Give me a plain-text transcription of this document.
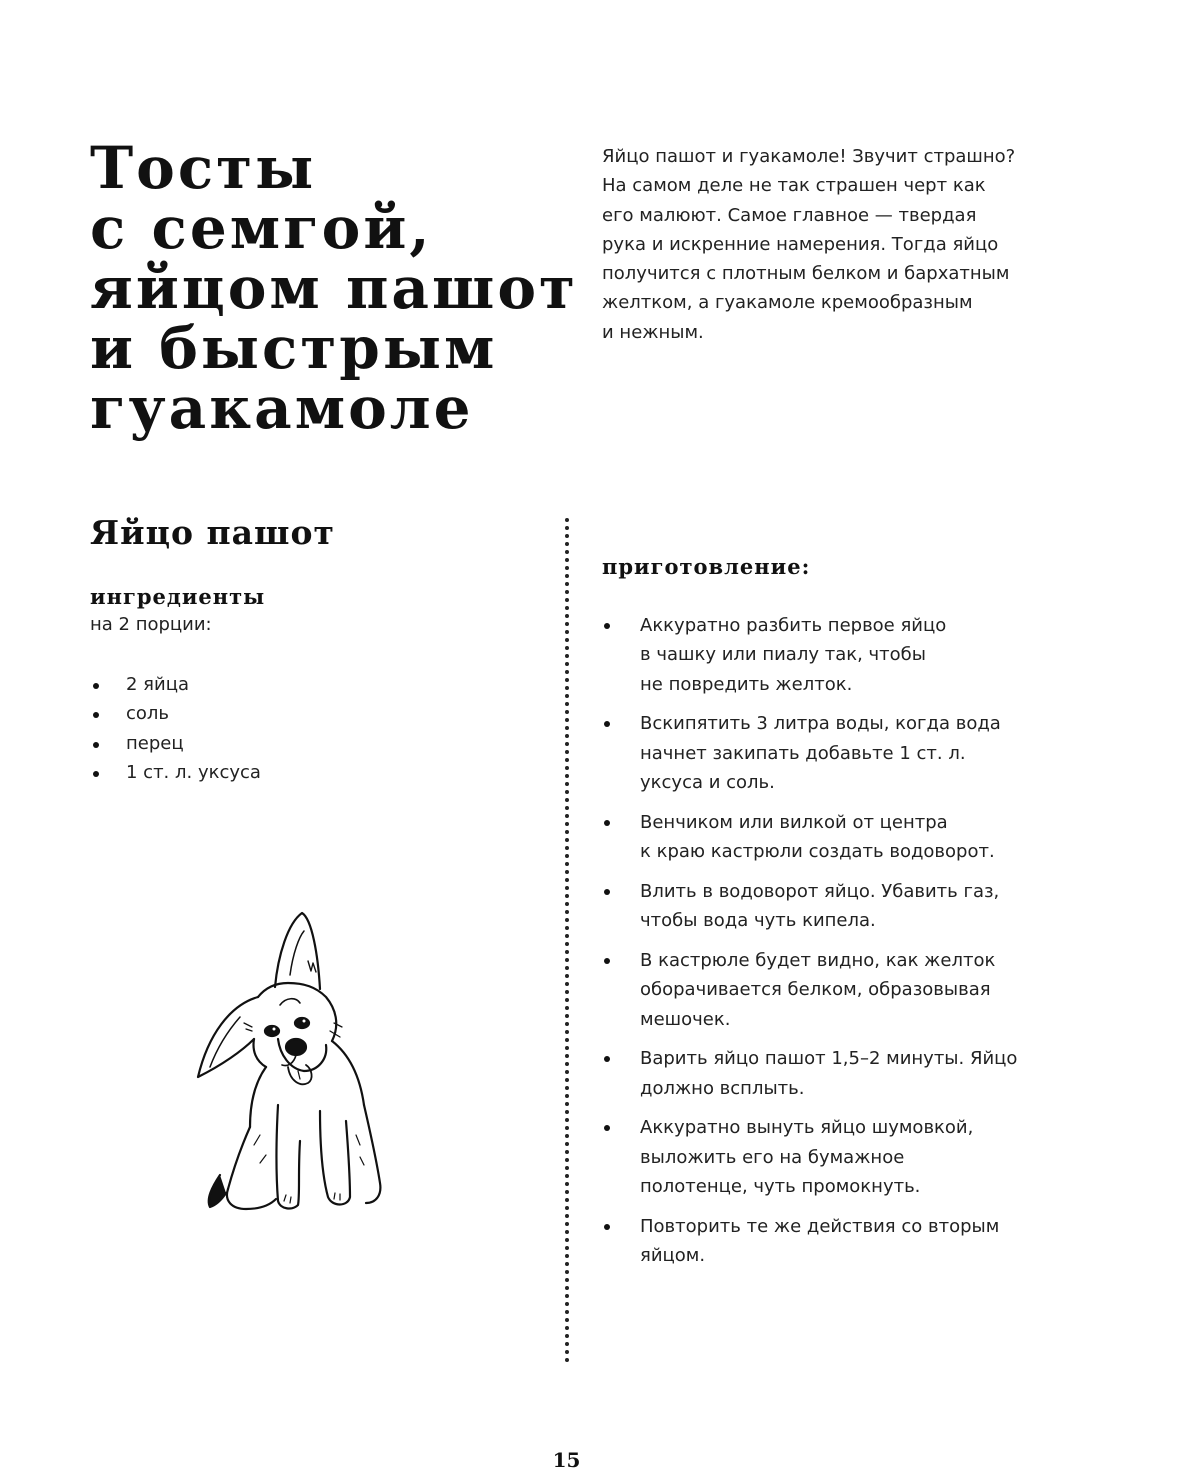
Тосты
с семгой,
яйцом пашот
и быстрым
гуакамоле
Яйцо пашот и гуакамоле! Звучит страшно?
На самом деле не так страшен черт как
его малюют. Самое главное — твердая
рука и искренние намерения. Тогда яйцо
получится с плотным белком и бархатным
желтком, а гуакамоле кремообразным
и нежным.
Яйцо пашот
ингредиенты
на 2 порции:
2 яйца
соль
перец
1 ст. л. уксуса
приготовление:
Аккуратно разбить первое яйцо
в чашку или пиалу так, чтобы
не повредить желток.
Вскипятить 3 литра воды, когда вода
начнет закипать добавьте 1 ст. л.
уксуса и соль.
Венчиком или вилкой от центра
к краю кастрюли создать водоворот.
Влить в водоворот яйцо. Убавить газ,
чтобы вода чуть кипела.
В кастрюле будет видно, как желток
оборачивается белком, образовывая
мешочек.
Варить яйцо пашот 1,5–2 минуты. Яйцо
должно всплыть.
Аккуратно вынуть яйцо шумовкой,
выложить его на бумажное
полотенце, чуть промокнуть.
Повторить те же действия со вторым
яйцом.
15
